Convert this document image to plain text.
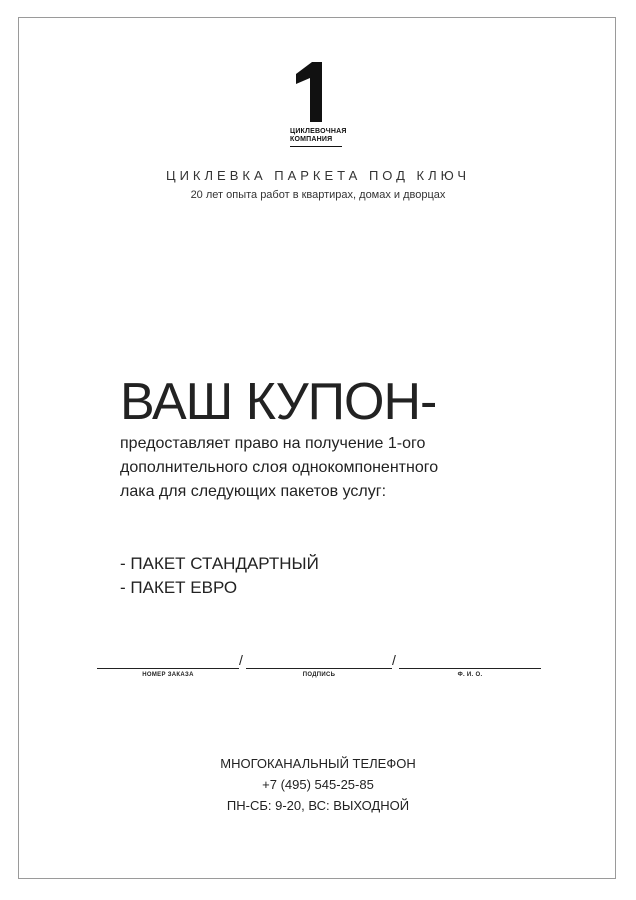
ЦИКЛЕВОЧНАЯ
КОМПАНИЯ
ЦИКЛЕВКА ПАРКЕТА ПОД КЛЮЧ
20 лет опыта работ в квартирах, домах и дворцах
ВАШ КУПОН-
предоставляет право на получение 1-ого
дополнительного слоя однокомпонентного
лака для следующих пакетов услуг:
- ПАКЕТ СТАНДАРТНЫЙ
- ПАКЕТ ЕВРО
/	/
НОМЕР ЗАКАЗА	ПОДПИСЬ	Ф. И. О.
МНОГОКАНАЛЬНЫЙ ТЕЛЕФОН
+7 (495) 545-25-85
ПН-СБ: 9-20, ВС: ВЫХОДНОЙ
